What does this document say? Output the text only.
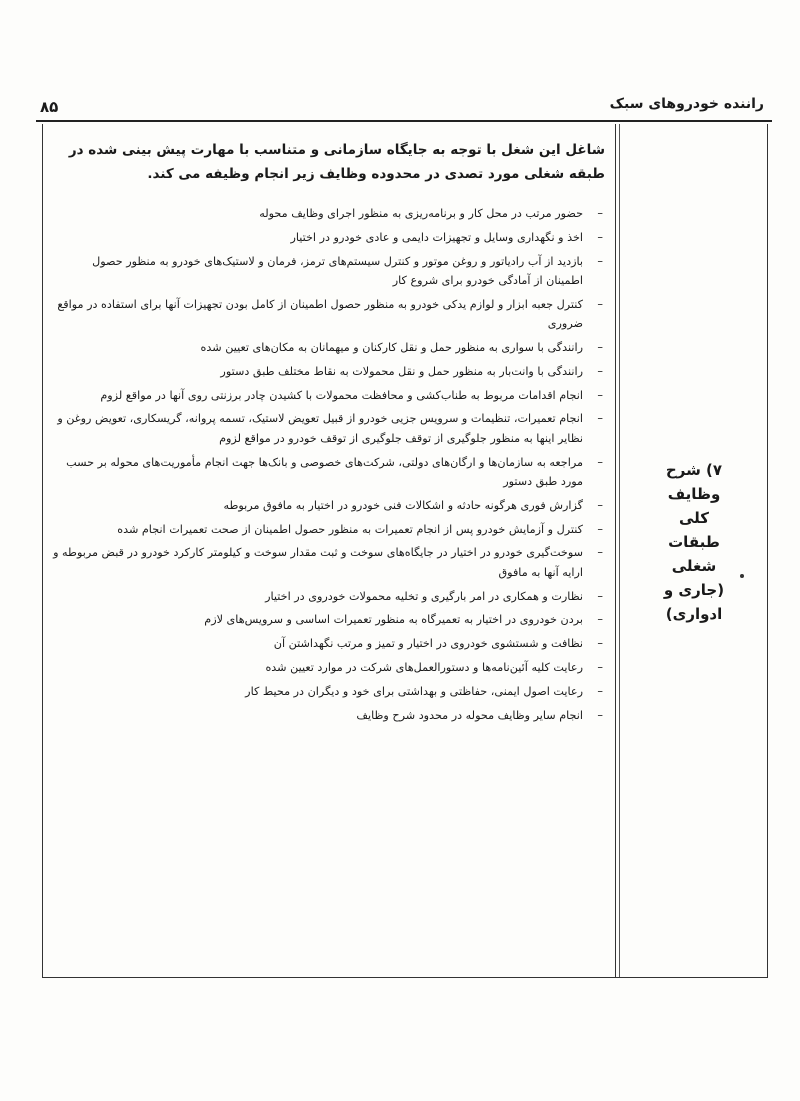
۸۵	راننده خودروهای سبک
۷) شرح
وظایف
کلی
طبقات
شغلی
(جاری و
ادواری)

شاغل این شغل با توجه به جایگاه سازمانی و متناسب با مهارت پیش بینی شده در طبقه شغلی مورد تصدی در محدوده وظایف زیر انجام وظیفه می کند.

–
حضور مرتب در محل کار و برنامه‌ریزی به منظور اجرای وظایف محوله
–
اخذ و نگهداری وسایل و تجهیزات دایمی و عادی خودرو در اختیار
–
بازدید از آب رادیاتور و روغن موتور و کنترل سیستم‌های ترمز، فرمان و لاستیک‌های خودرو به منظور حصول اطمینان از آمادگی خودرو برای شروع کار
–
کنترل جعبه ابزار و لوازم یدکی خودرو به منظور حصول اطمینان از کامل بودن تجهیزات آنها برای استفاده در مواقع ضروری
–
رانندگی با سواری به منظور حمل و نقل کارکنان و میهمانان به مکان‌های تعیین شده
–
رانندگی با وانت‌بار به منظور حمل و نقل محمولات به نقاط مختلف طبق دستور
–
انجام اقدامات مربوط به طناب‌کشی و محافظت محمولات با کشیدن چادر برزنتی روی آنها در مواقع لزوم
–
انجام تعمیرات، تنظیمات و سرویس جزیی خودرو از قبیل تعویض لاستیک، تسمه پروانه، گریسکاری، تعویض روغن و نظایر اینها به منظور جلوگیری از توقف جلوگیری از توقف خودرو در مواقع لزوم
–
مراجعه به سازمان‌ها و ارگان‌های دولتی، شرکت‌های خصوصی و بانک‌ها جهت انجام مأموریت‌های محوله بر حسب مورد طبق دستور
–
گزارش فوری هرگونه حادثه و اشکالات فنی خودرو در اختیار به مافوق مربوطه
–
کنترل و آزمایش خودرو پس از انجام تعمیرات به منظور حصول اطمینان از صحت تعمیرات انجام شده
–
سوخت‌گیری خودرو در اختیار در جایگاه‌های سوخت و ثبت مقدار سوخت و کیلومتر کارکرد خودرو در قبض مربوطه و ارایه آنها به مافوق
–
نظارت و همکاری در امر بارگیری و تخلیه محمولات خودروی در اختیار
–
بردن خودروی در اختیار به تعمیرگاه به منظور تعمیرات اساسی و سرویس‌های لازم
–
نظافت و شستشوی خودروی در اختیار و تمیز و مرتب نگهداشتن آن
–
رعایت کلیه آئین‌نامه‌ها و دستورالعمل‌های شرکت در موارد تعیین شده
–
رعایت اصول ایمنی، حفاظتی و بهداشتی برای خود و دیگران در محیط کار
–
انجام سایر وظایف محوله در محدود شرح وظایف
